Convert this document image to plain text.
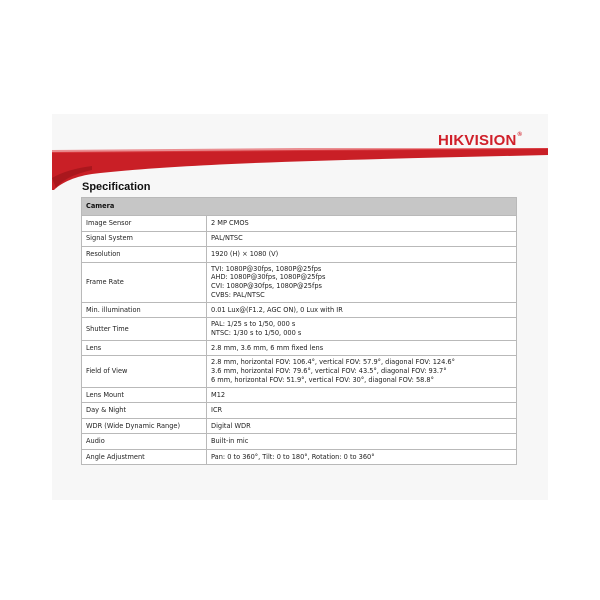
HIKVISION®
Specification
Camera	
Image Sensor	2 MP CMOS

Signal System	PAL/NTSC

Resolution	1920 (H) × 1080 (V)

Frame Rate	TVI: 1080P@30fps, 1080P@25fps
AHD: 1080P@30fps, 1080P@25fps
CVI: 1080P@30fps, 1080P@25fps
CVBS: PAL/NTSC

Min. illumination	0.01 Lux@(F1.2, AGC ON), 0 Lux with IR

Shutter Time	PAL: 1/25 s to 1/50, 000 s
NTSC: 1/30 s to 1/50, 000 s

Lens	2.8 mm, 3.6 mm, 6 mm fixed lens

Field of View	2.8 mm, horizontal FOV: 106.4°, vertical FOV: 57.9°, diagonal FOV: 124.6°
3.6 mm, horizontal FOV: 79.6°, vertical FOV: 43.5°, diagonal FOV: 93.7°
6 mm, horizontal FOV: 51.9°, vertical FOV: 30°, diagonal FOV: 58.8°

Lens Mount	M12

Day & Night	ICR

WDR (Wide Dynamic Range)	Digital WDR

Audio	Built-in mic

Angle Adjustment	Pan: 0 to 360°, Tilt: 0 to 180°, Rotation: 0 to 360°
